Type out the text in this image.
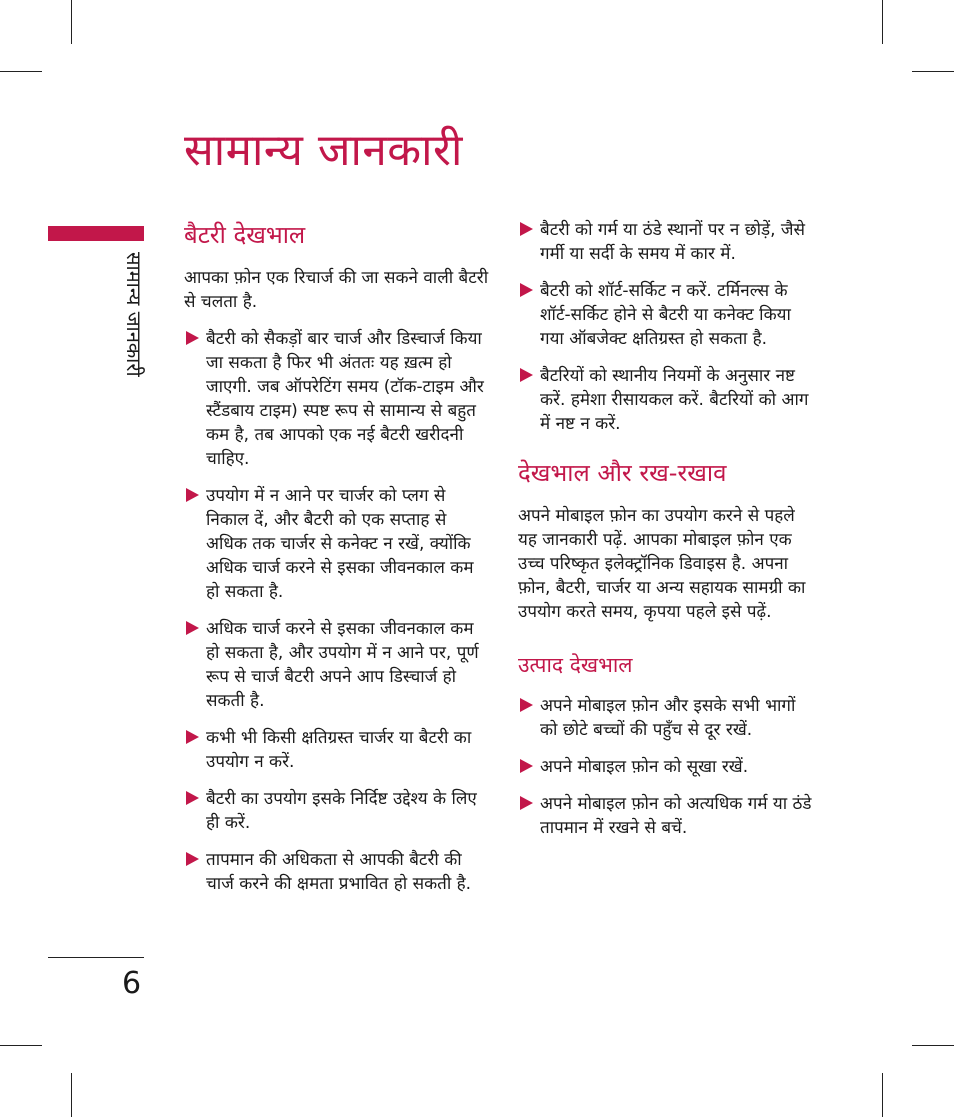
सामान्य जानकारी
सामान्य जानकारी
6
बैटरी देखभाल

आपका फ़ोन एक रिचार्ज की जा सकने वाली बैटरी से चलता है.

बैटरी को सैकड़ों बार चार्ज और डिस्चार्ज किया जा सकता है फिर भी अंततः यह ख़त्म हो जाएगी. जब ऑपरेटिंग समय (टॉक-टाइम और स्टैंडबाय टाइम) स्पष्ट रूप से सामान्य से बहुत कम है, तब आपको एक नई बैटरी खरीदनी चाहिए.
उपयोग में न आने पर चार्जर को प्लग से निकाल दें, और बैटरी को एक सप्ताह से अधिक तक चार्जर से कनेक्ट न रखें, क्योंकि अधिक चार्ज करने से इसका जीवनकाल कम हो सकता है.
अधिक चार्ज करने से इसका जीवनकाल कम हो सकता है, और उपयोग में न आने पर, पूर्ण रूप से चार्ज बैटरी अपने आप डिस्चार्ज हो सकती है.
कभी भी किसी क्षतिग्रस्त चार्जर या बैटरी का उपयोग न करें.
बैटरी का उपयोग इसके निर्दिष्ट उद्देश्य के लिए ही करें.
तापमान की अधिकता से आपकी बैटरी की चार्ज करने की क्षमता प्रभावित हो सकती है.
बैटरी को गर्म या ठंडे स्थानों पर न छोड़ें, जैसे गर्मी या सर्दी के समय में कार में.
बैटरी को शॉर्ट-सर्किट न करें. टर्मिनल्स के शॉर्ट-सर्किट होने से बैटरी या कनेक्ट किया गया ऑबजेक्ट क्षतिग्रस्त हो सकता है.
बैटरियों को स्थानीय नियमों के अनुसार नष्ट करें. हमेशा रीसायकल करें. बैटरियों को आग में नष्ट न करें.
देखभाल और रख-रखाव

अपने मोबाइल फ़ोन का उपयोग करने से पहले यह जानकारी पढ़ें. आपका मोबाइल फ़ोन एक उच्च परिष्कृत इलेक्ट्रॉनिक डिवाइस है. अपना फ़ोन, बैटरी, चार्जर या अन्य सहायक सामग्री का उपयोग करते समय, कृपया पहले इसे पढ़ें.

उत्पाद देखभाल
अपने मोबाइल फ़ोन और इसके सभी भागों को छोटे बच्चों की पहुँच से दूर रखें.
अपने मोबाइल फ़ोन को सूखा रखें.
अपने मोबाइल फ़ोन को अत्यधिक गर्म या ठंडे तापमान में रखने से बचें.
